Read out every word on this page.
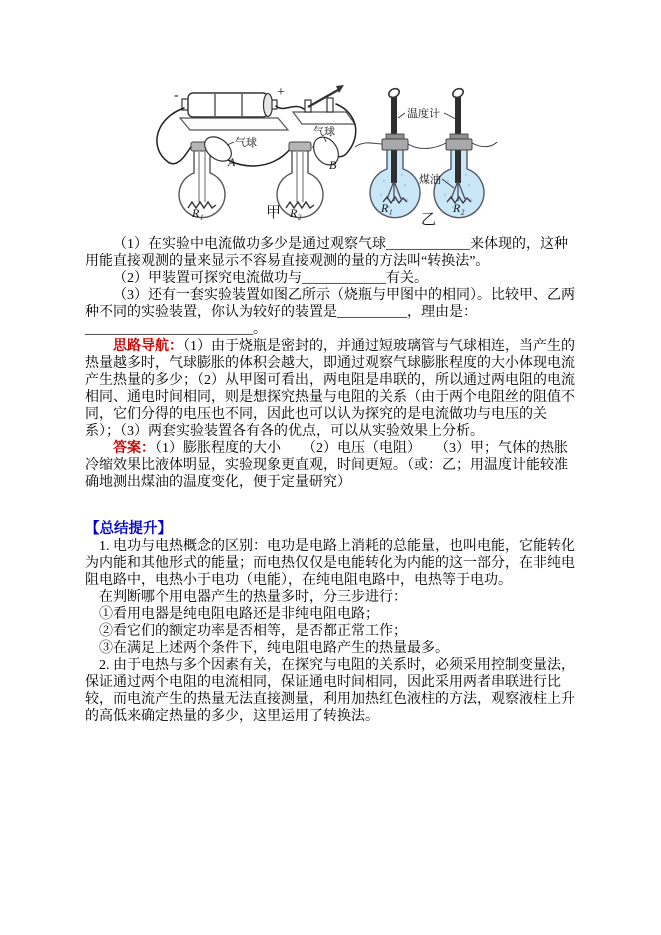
-	+
R₁
气球
A
R₂
气球
B
甲	R₁	R₂
温度计
煤油
乙

（1）在实验中电流做功多少是通过观察气球____________来体现的，这种用能直接观测的量来显示不容易直接观测的量的方法叫“转换法”。

（2）甲装置可探究电流做功与____________有关。

（3）还有一套实验装置如图乙所示（烧瓶与甲图中的相同）。比较甲、乙两种不同的实验装置，你认为较好的装置是__________，理由是：________________________。

思路导航：（1）由于烧瓶是密封的，并通过短玻璃管与气球相连，当产生的热量越多时，气球膨胀的体积会越大，即通过观察气球膨胀程度的大小体现电流产生热量的多少；（2）从甲图可看出，两电阻是串联的，所以通过两电阻的电流相同、通电时间相同，则是想探究热量与电阻的关系（由于两个电阻丝的阻值不同，它们分得的电压也不同，因此也可以认为探究的是电流做功与电压的关系）；（3）两套实验装置各有各的优点，可以从实验效果上分析。

答案：（1）膨胀程度的大小　　（2）电压（电阻）　　（3）甲；气体的热胀冷缩效果比液体明显，实验现象更直观，时间更短。（或：乙；用温度计能较准确地测出煤油的温度变化，便于定量研究）

【总结提升】

1. 电功与电热概念的区别：电功是电路上消耗的总能量，也叫电能，它能转化为内能和其他形式的能量；而电热仅仅是电能转化为内能的这一部分，在非纯电阻电路中，电热小于电功（电能），在纯电阻电路中，电热等于电功。

在判断哪个用电器产生的热量多时，分三步进行：

①看用电器是纯电阻电路还是非纯电阻电路；

②看它们的额定功率是否相等，是否都正常工作；

③在满足上述两个条件下，纯电阻电路产生的热量最多。

2. 由于电热与多个因素有关，在探究与电阻的关系时，必须采用控制变量法，保证通过两个电阻的电流相同，保证通电时间相同，因此采用两者串联进行比较，而电流产生的热量无法直接测量，利用加热红色液柱的方法，观察液柱上升的高低来确定热量的多少，这里运用了转换法。
